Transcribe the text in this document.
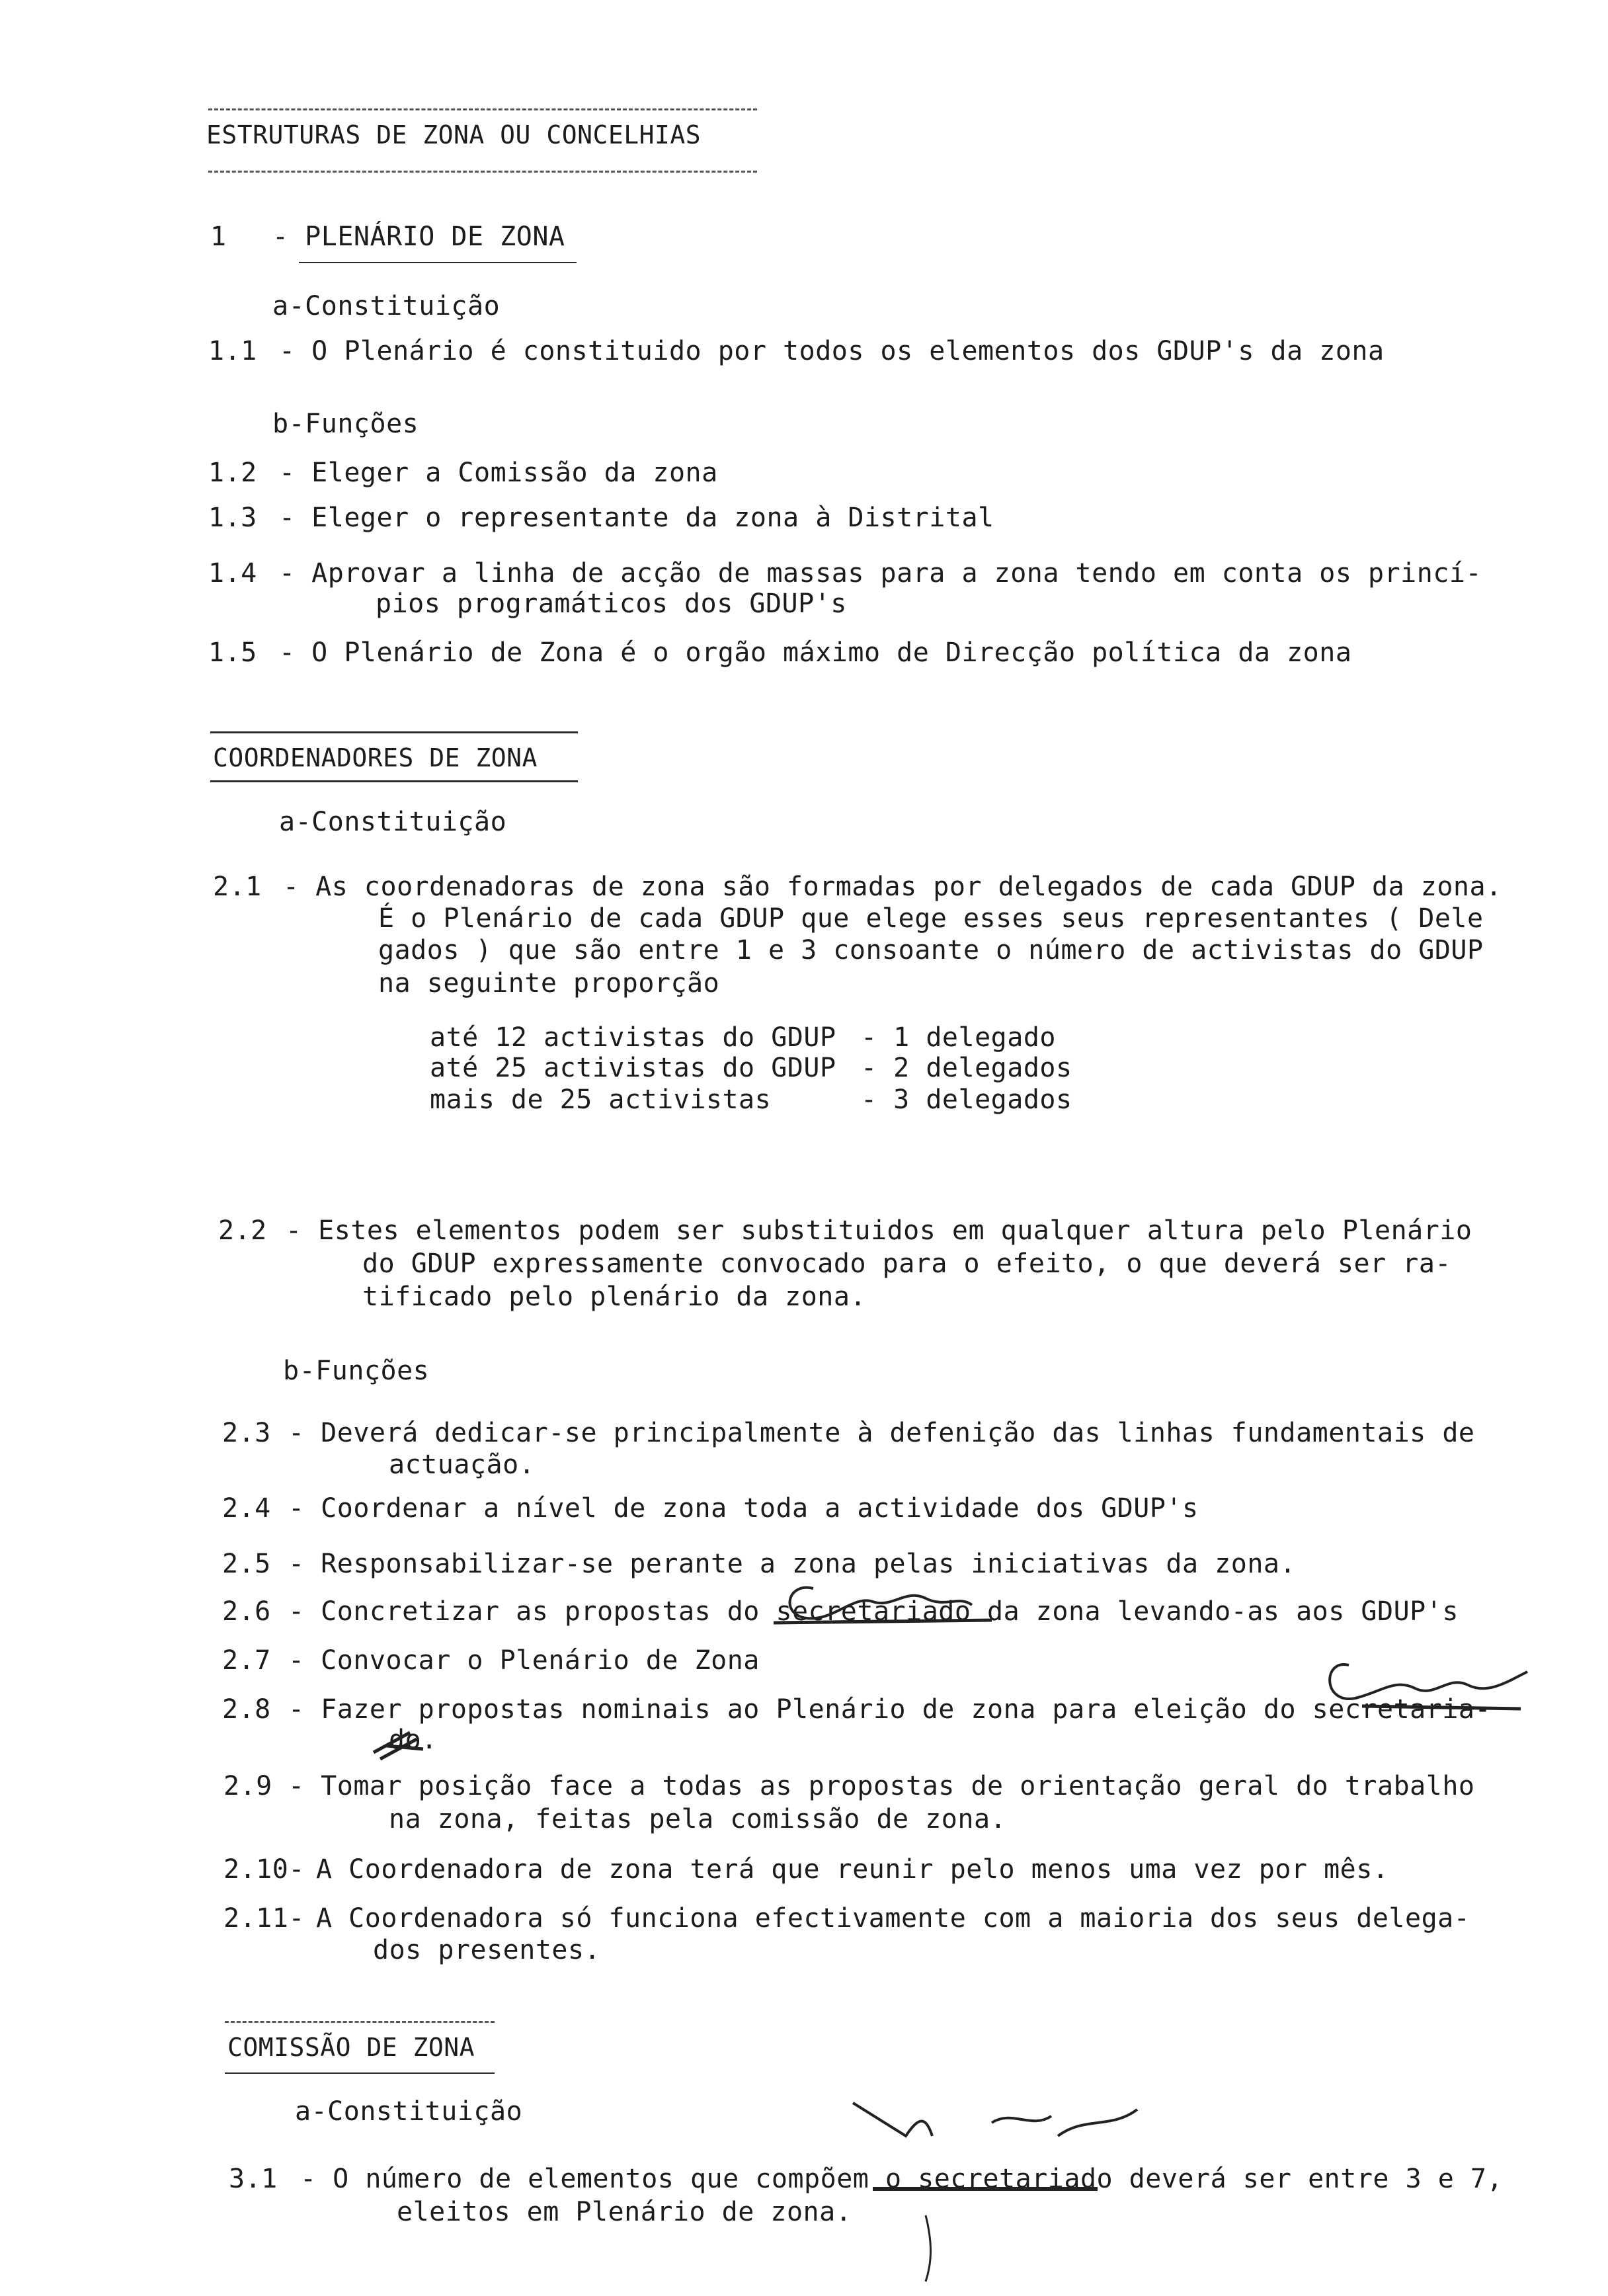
ESTRUTURAS DE ZONA OU CONCELHIAS
1 - PLENÁRIO DE ZONA
a-Constituição
1.1 - O Plenário é constituido por todos os elementos dos GDUP's da zona
b-Funções
1.2 - Eleger a Comissão da zona
1.3 - Eleger o representante da zona à Distrital
1.4 - Aprovar a linha de acção de massas para a zona tendo em conta os princí-
pios programáticos dos GDUP's
1.5 - O Plenário de Zona é o orgão máximo de Direcção política da zona
COORDENADORES DE ZONA
a-Constituição
2.1 - As coordenadoras de zona são formadas por delegados de cada GDUP da zona.
É o Plenário de cada GDUP que elege esses seus representantes ( Dele
gados ) que são entre 1 e 3 consoante o número de activistas do GDUP
na seguinte proporção
até 12 activistas do GDUP - 1 delegado
até 25 activistas do GDUP - 2 delegados
mais de 25 activistas	- 3 delegados
2.2 - Estes elementos podem ser substituidos em qualquer altura pelo Plenário
do GDUP expressamente convocado para o efeito, o que deverá ser ra-
tificado pelo plenário da zona.
b-Funções
2.3 - Deverá dedicar-se principalmente à defenição das linhas fundamentais de
actuação.
2.4 - Coordenar a nível de zona toda a actividade dos GDUP's
2.5 - Responsabilizar-se perante a zona pelas iniciativas da zona.
2.6 - Concretizar as propostas do secretariado da zona levando-as aos GDUP's
2.7 - Convocar o Plenário de Zona
2.8 - Fazer propostas nominais ao Plenário de zona para eleição do secretaria-
do.
2.9 - Tomar posição face a todas as propostas de orientação geral do trabalho
na zona, feitas pela comissão de zona.
2.10- A Coordenadora de zona terá que reunir pelo menos uma vez por mês.
2.11- A Coordenadora só funciona efectivamente com a maioria dos seus delega-
dos presentes.
COMISSÃO DE ZONA
a-Constituição
3.1 - O número de elementos que compõem o secretariado deverá ser entre 3 e 7,
eleitos em Plenário de zona.
